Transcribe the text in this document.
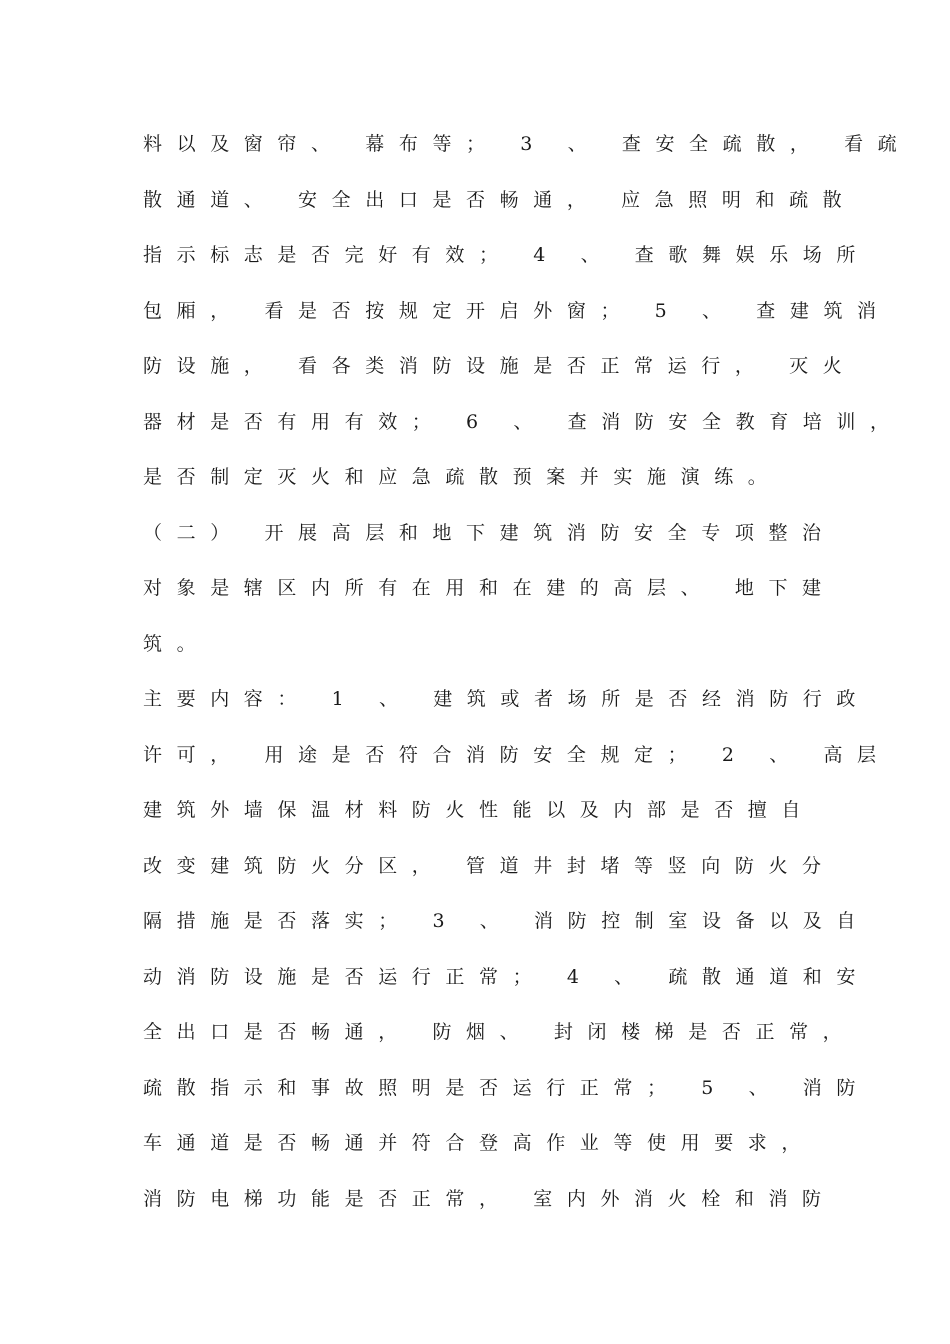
料以及窗帘、 幕布等； 3 、 查安全疏散， 看疏
散通道、 安全出口是否畅通， 应急照明和疏散
指示标志是否完好有效； 4 、 查歌舞娱乐场所
包厢， 看是否按规定开启外窗； 5 、 查建筑消
防设施， 看各类消防设施是否正常运行， 灭火
器材是否有用有效； 6 、 查消防安全教育培训，
是否制定灭火和应急疏散预案并实施演练。
（二） 开展高层和地下建筑消防安全专项整治
对象是辖区内所有在用和在建的高层、 地下建
筑。
主要内容： 1 、 建筑或者场所是否经消防行政
许可， 用途是否符合消防安全规定； 2 、 高层
建筑外墙保温材料防火性能以及内部是否擅自
改变建筑防火分区， 管道井封堵等竖向防火分
隔措施是否落实； 3 、 消防控制室设备以及自
动消防设施是否运行正常； 4 、 疏散通道和安
全出口是否畅通， 防烟、 封闭楼梯是否正常，
疏散指示和事故照明是否运行正常； 5 、 消防
车通道是否畅通并符合登高作业等使用要求，
消防电梯功能是否正常， 室内外消火栓和消防
